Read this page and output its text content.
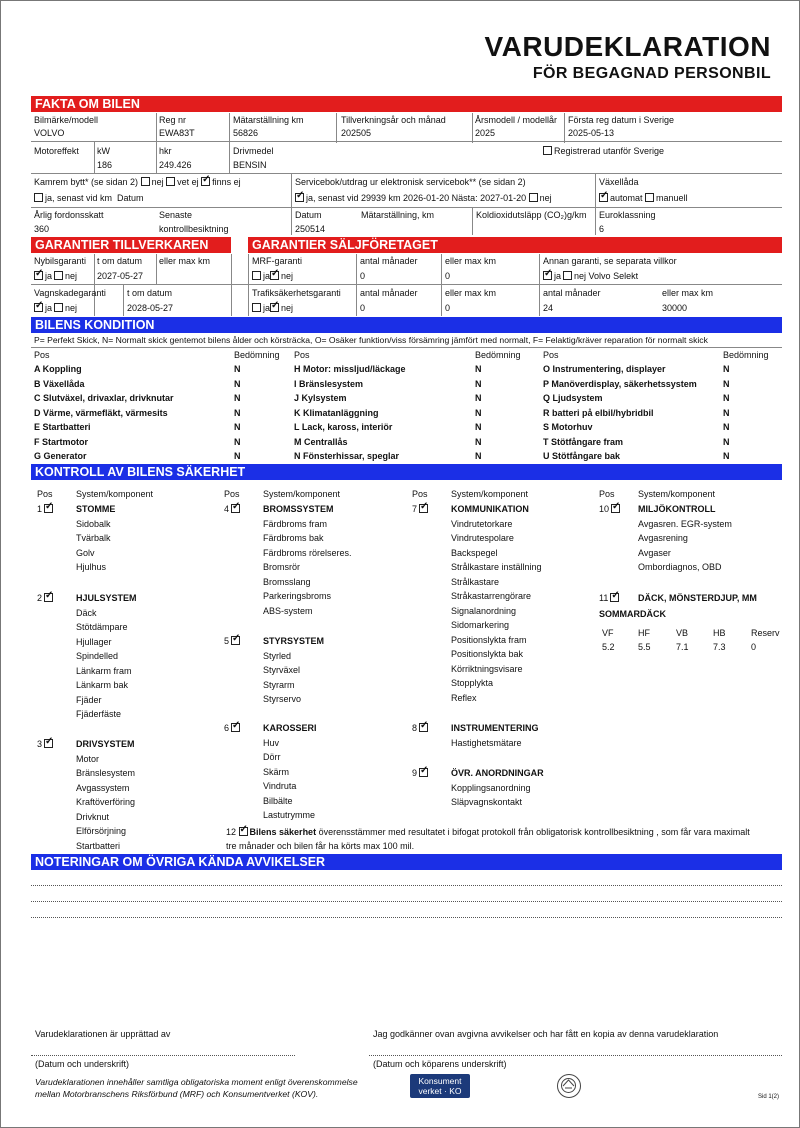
VARUDEKLARATION
FÖR BEGAGNAD PERSONBIL
FAKTA OM BILEN
Bilmärke/modell
VOLVO
Reg nr
EWA83T
Mätarställning km
56826
Tillverkningsår och månad
202505
Årsmodell / modellår
2025
Första reg datum i Sverige
2025-05-13
Motoreffekt kW
186
hkr
249.426
Drivmedel
BENSIN
Registrerad utanför Sverige
Kamrem bytt* (se sidan 2) nej vet ej ✓ finns ej
ja, senast vid km Datum
Servicebok/utdrag ur elektronisk servicebok** (se sidan 2)
✓ja, senast vid 29939 km 2026-01-20 Nästa: 2027-01-20 nej
Växellåda
✓automat manuell
Årlig fordonsskatt
360
Senaste
kontrollbesiktning
Datum
250514
Mätarställning, km	Koldioxidutsläpp (CO₂)g/km Euroklassning
6
GARANTIER TILLVERKAREN	GARANTIER SÄLJFÖRETAGET
Nybilsgaranti t om datum eller max km
✓ja nej 2027-05-27
Vagnskadegaranti t om datum
✓ja nej	2028-05-27
MRF-garanti	antal månader	eller max km
ja ✓ nej	0	0
Annan garanti, se separata villkor
✓ja nej Volvo Selekt
Trafiksäkerhetsgaranti antal månader	eller max km
ja ✓ nej	0	0
antal månader	eller max km
24	30000
BILENS KONDITION
P= Perfekt Skick, N= Normalt skick gentemot bilens ålder och körsträcka, O= Osäker funktion/viss försämring jämfört med normalt, F= Felaktig/kräver reparation för normalt skick
Pos	Bedömning Pos	Bedömning Pos	Bedömning
A Koppling	N
B Växellåda	N
C Slutväxel, drivaxlar, drivknutar	N
D Värme, värmefläkt, värmesits	N
E Startbatteri	N
F Startmotor	N
G Generator	N
H Motor: missljud/läckage	N
I Bränslesystem	N
J Kylsystem	N
K Klimatanläggning	N
L Lack, kaross, interiör	N
M Centrallås	N
N Fönsterhissar, speglar	N
O Instrumentering, displayer	N
P Manöverdisplay, säkerhetssystem	N
Q Ljudsystem	N
R batteri på elbil/hybridbil	N
S Motorhuv	N
T Stötfångare fram	N
U Stötfångare bak	N
KONTROLL AV BILENS SÄKERHET
Pos	System/komponent	Pos	System/komponent	Pos	System/komponent	Pos	System/komponent
1 ✓	STOMME
Sidobalk
Tvärbalk
Golv
Hjulhus
2 ✓	HJULSYSTEM
Däck
Stötdämpare
Hjullager
Spindelled
Länkarm fram
Länkarm bak
Fjäder
Fjäderfäste
3 ✓	DRIVSYSTEM
Motor
Bränslesystem
Avgassystem
Kraftöverföring
Drivknut
Elförsörjning
Startbatteri
4 ✓	BROMSSYSTEM
Färdbroms fram
Färdbroms bak
Färdbroms rörelseres.
Bromsrör
Bromsslang
Parkeringsbroms
ABS-system
5 ✓	STYRSYSTEM
Styrled
Styrväxel
Styrarm
Styrservo
6 ✓	KAROSSERI
Huv
Dörr
Skärm
Vindruta
Bilbälte
Lastutrymme
7 ✓	KOMMUNIKATION
Vindrutetorkare
Vindrutespolare
Backspegel
Strålkastare inställning
Strålkastare
Stråkastarrengörare
Signalanordning
Sidomarkering
Positionslykta fram
Positionslykta bak
Körriktningsvisare
Stopplykta
Reflex
8 ✓	INSTRUMENTERING
Hastighetsmätare
9 ✓	ÖVR. ANORDNINGAR
Kopplingsanordning
Släpvagnskontakt
10 ✓	MILJÖKONTROLL
Avgasren. EGR-system
Avgasrening
Avgaser
Ombordiagnos, OBD
11 ✓	DÄCK, MÖNSTERDJUP, MM
SOMMARDÄCK
VF	HF	VB	HB	Reserv
5.2	5.5	7.1	7.3	0
12 ✓ Bilens säkerhet överensstämmer med resultatet i bifogat protokoll från obligatorisk kontrollbesiktning , som får vara maximalt
tre månader och bilen får ha körts max 100 mil.
NOTERINGAR OM ÖVRIGA KÄNDA AVVIKELSER
Varudeklarationen är upprättad av	Jag godkänner ovan avgivna avvikelser och har fått en kopia av denna varudeklaration
(Datum och underskrift)	(Datum och köparens underskrift)
Varudeklarationen innehåller samtliga obligatoriska moment enligt överenskommelse
mellan Motorbranschens Riksförbund (MRF) och Konsumentverket (KOV).
Konsument
verket · KO
Sid 1(2)
